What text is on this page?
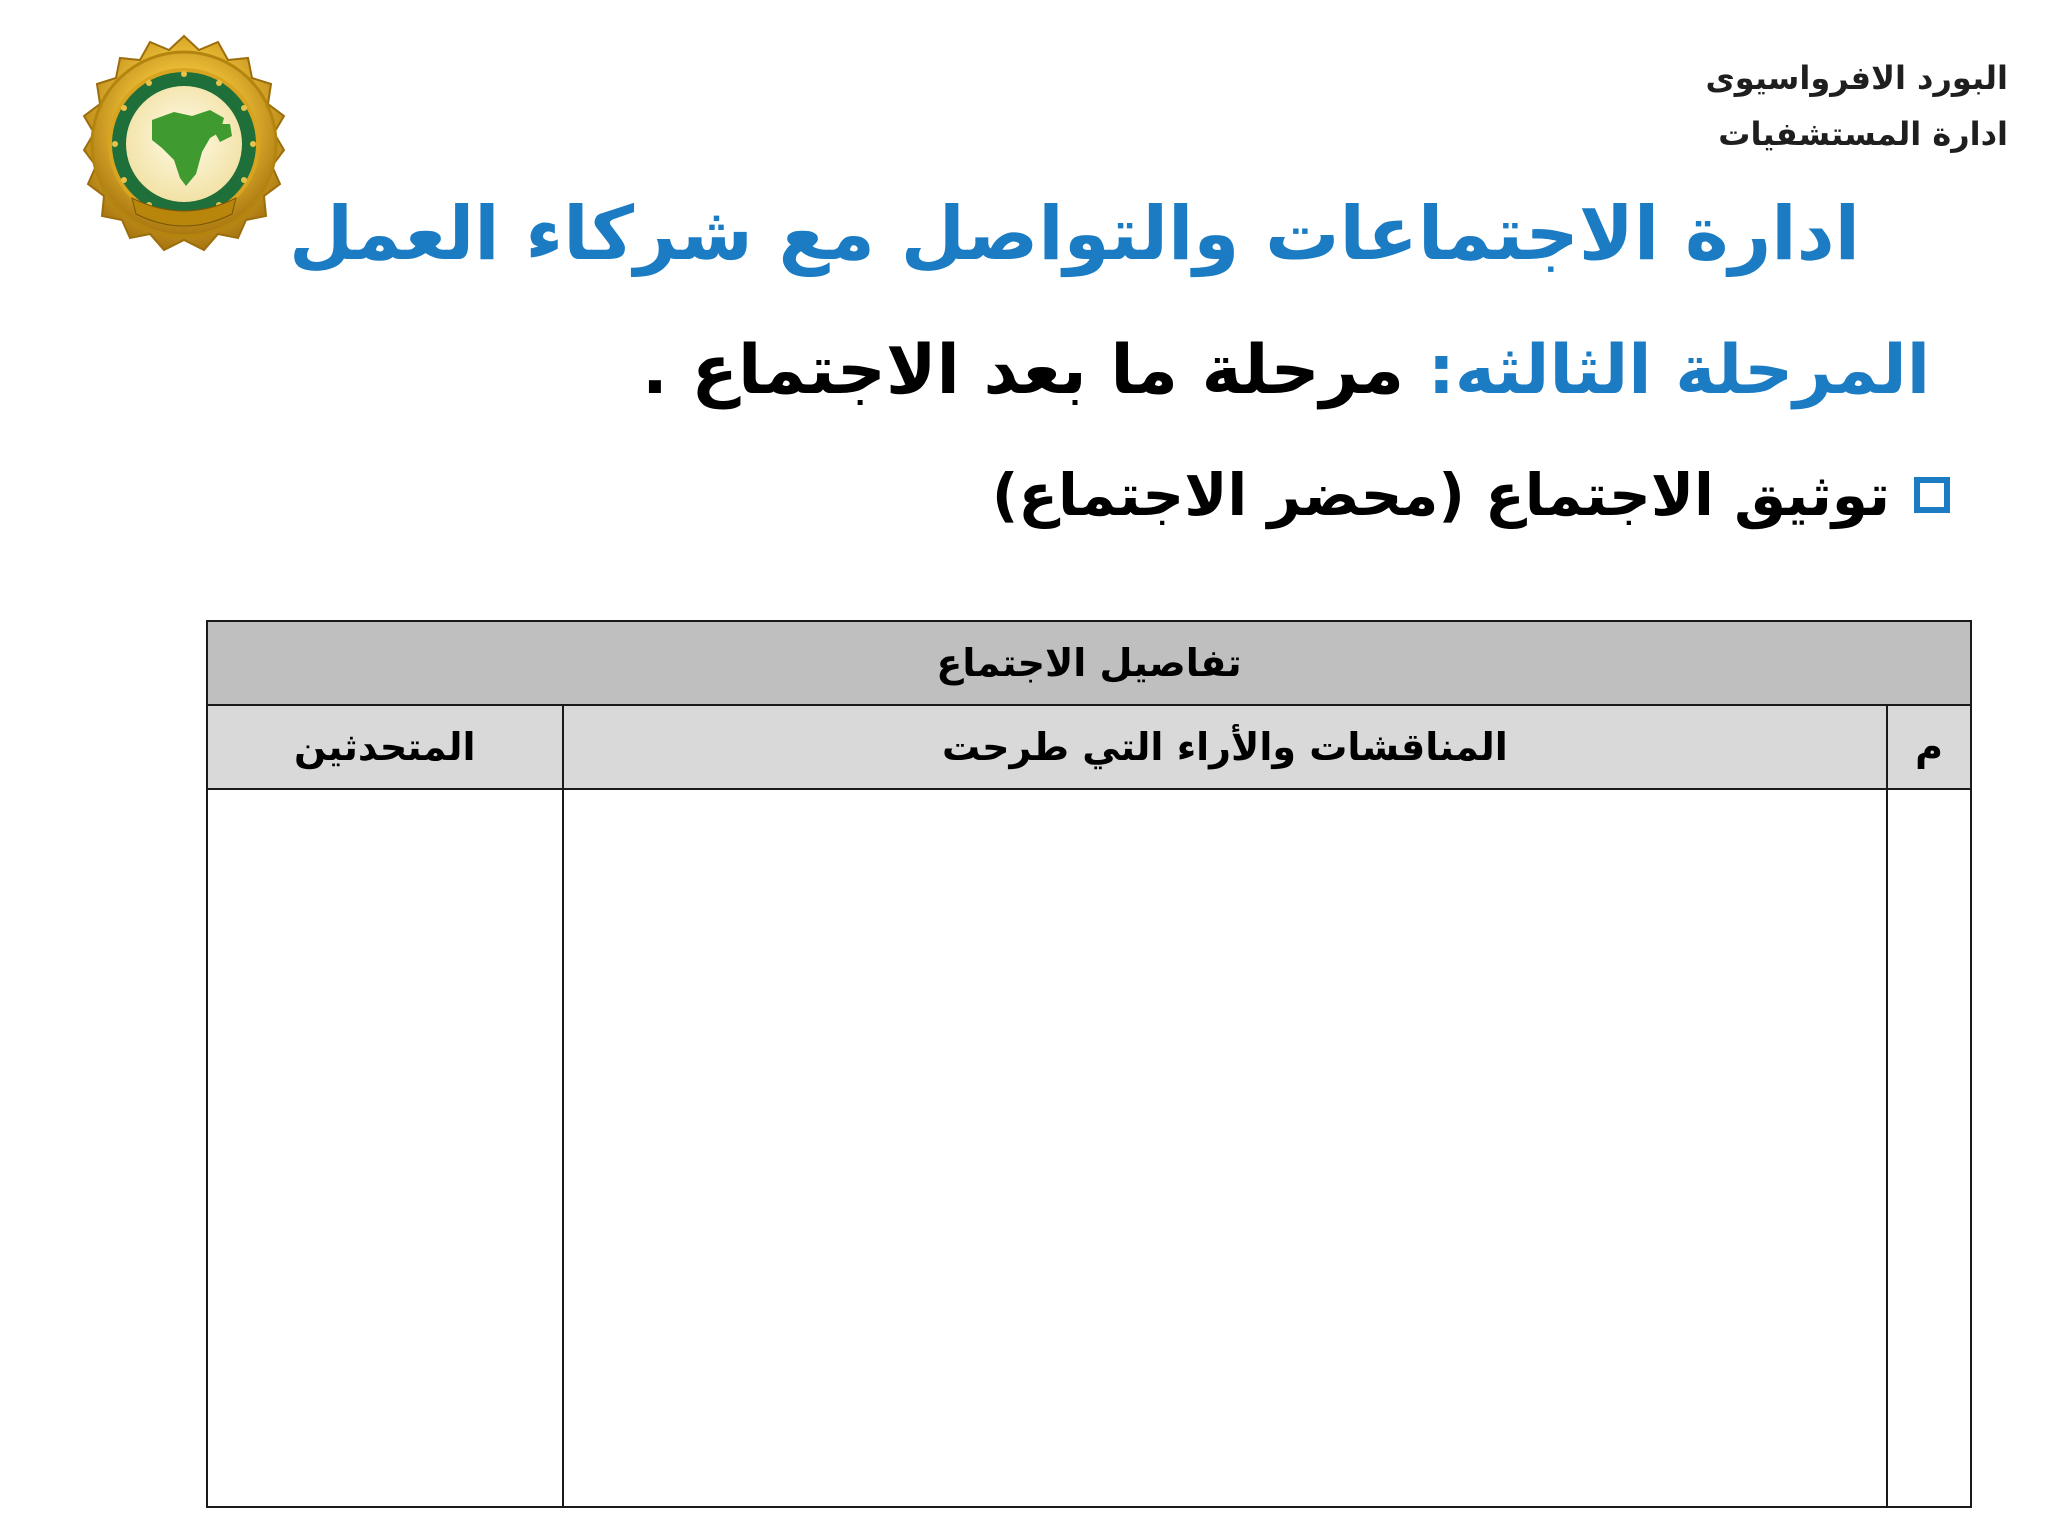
البورد الافرواسيوى
ادارة المستشفيات
ادارة الاجتماعات والتواصل مع شركاء العمل
المرحلة الثالثه: مرحلة ما بعد الاجتماع .
توثيق الاجتماع (محضر الاجتماع)
تفاصيل الاجتماع		
م	المناقشات والأراء التي طرحت	المتحدثين
